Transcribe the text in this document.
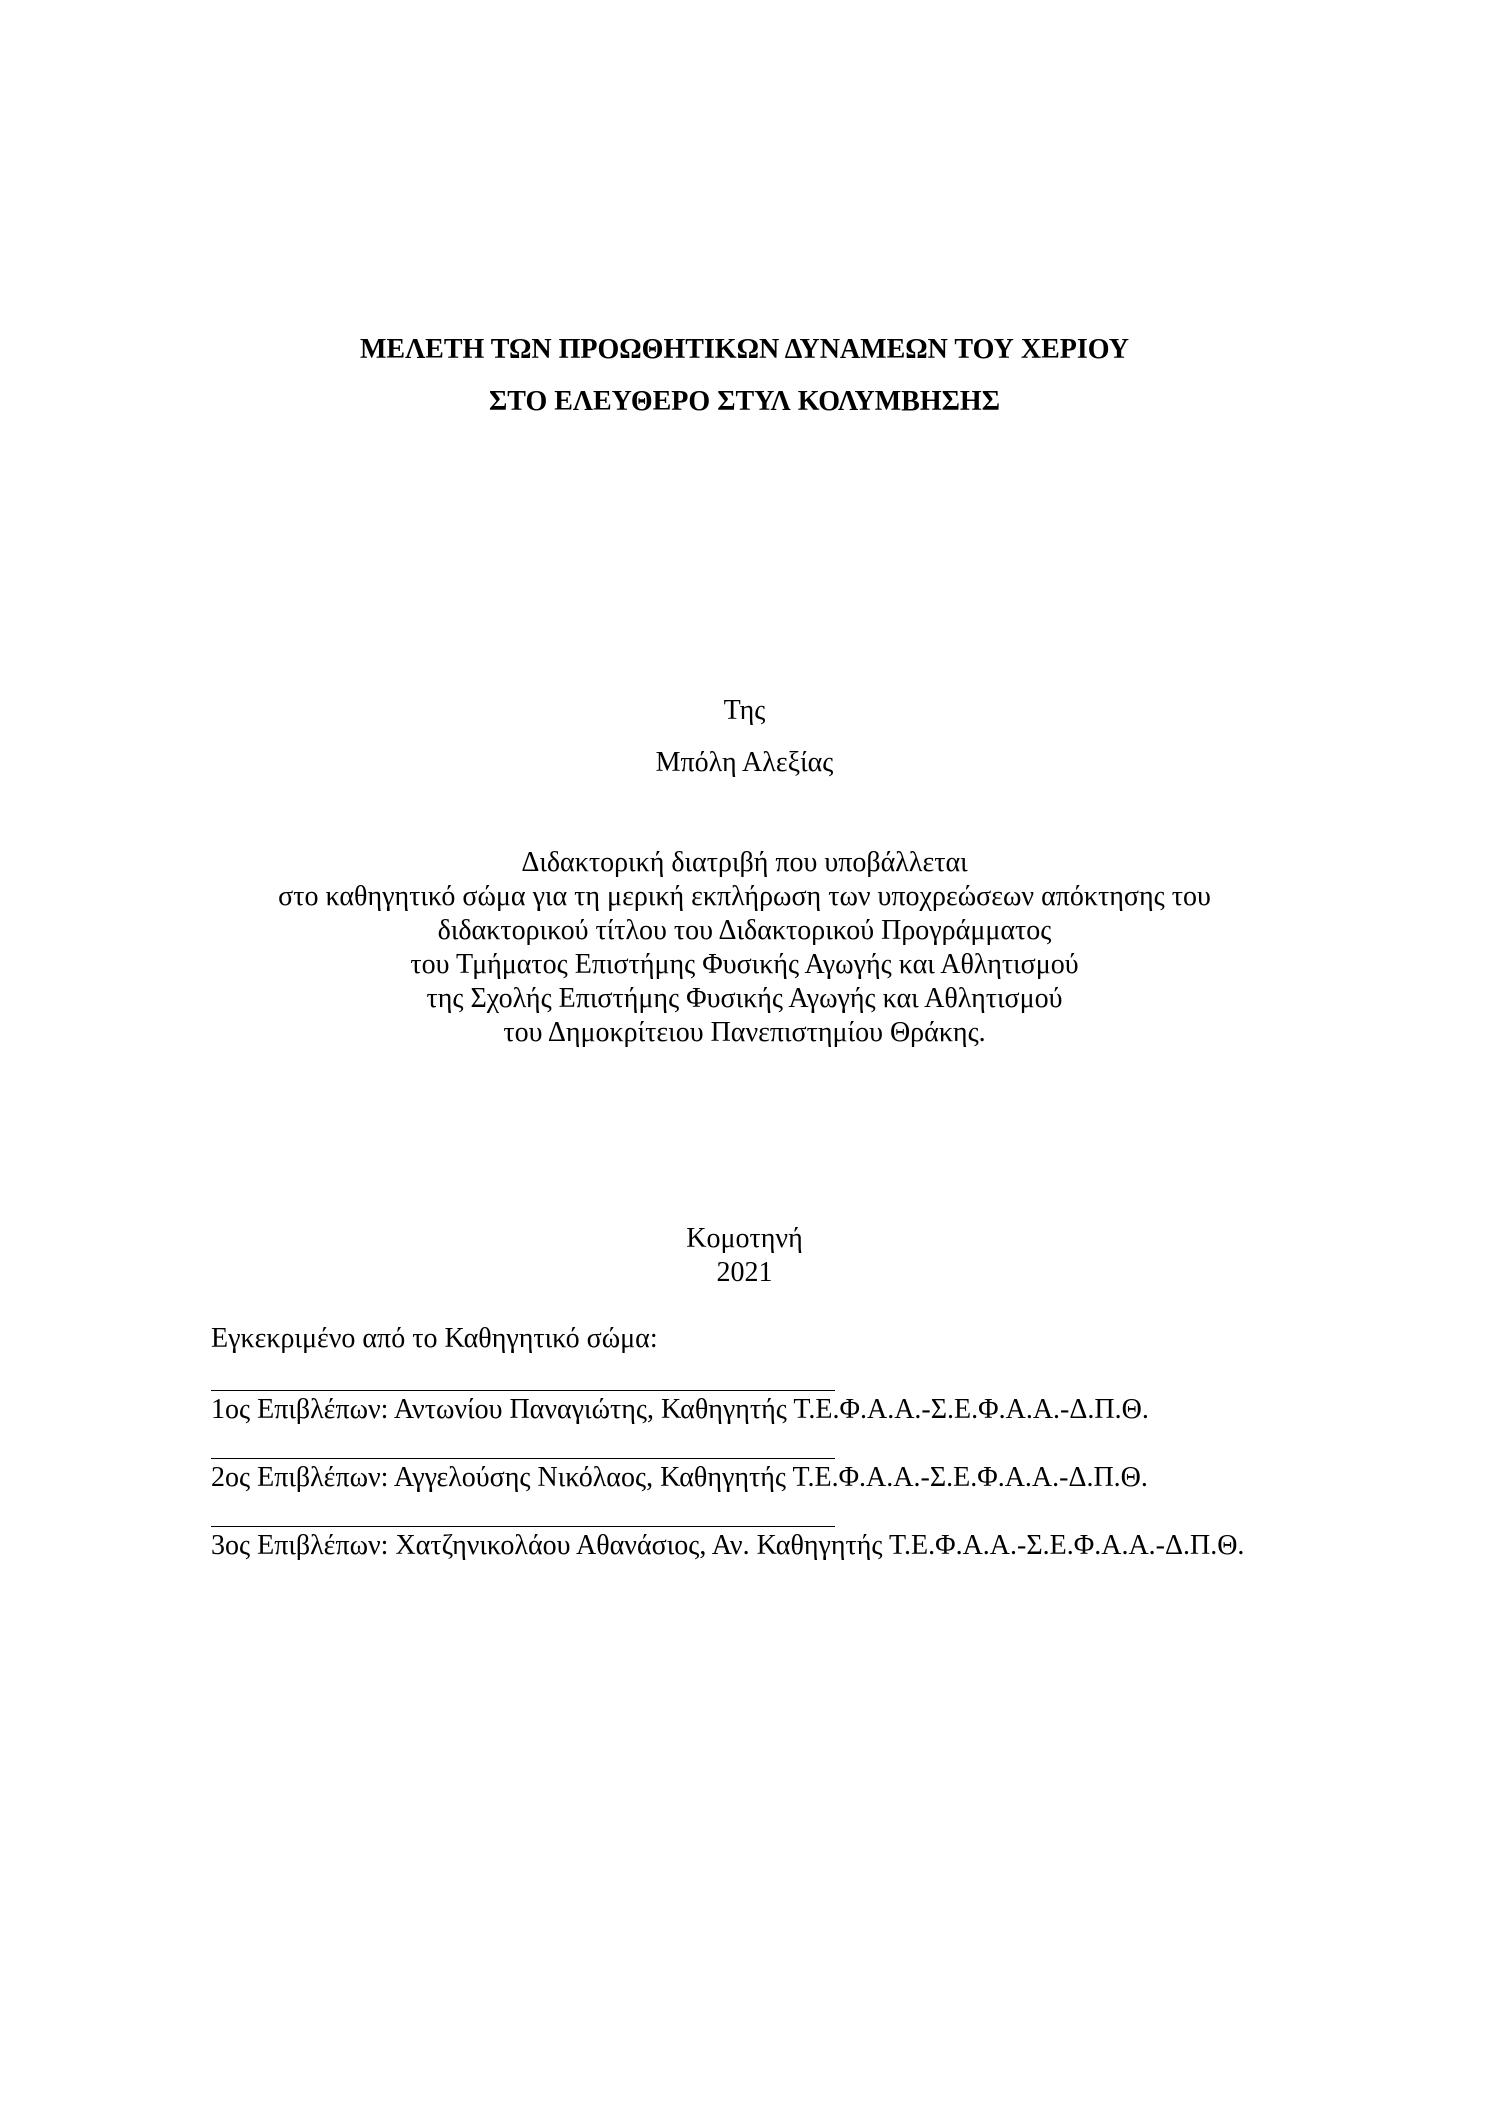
ΜΕΛΕΤΗ ΤΩΝ ΠΡΟΩΘΗΤΙΚΩΝ ΔΥΝΑΜΕΩΝ ΤΟΥ ΧΕΡΙΟΥ
ΣΤΟ ΕΛΕΥΘΕΡΟ ΣΤΥΛ ΚΟΛΥΜΒΗΣΗΣ
Της
Μπόλη Αλεξίας
Διδακτορική διατριβή που υποβάλλεται
στο καθηγητικό σώμα για τη μερική εκπλήρωση των υποχρεώσεων απόκτησης του
διδακτορικού τίτλου του Διδακτορικού Προγράμματος
του Τμήματος Επιστήμης Φυσικής Αγωγής και Αθλητισμού
της Σχολής Επιστήμης Φυσικής Αγωγής και Αθλητισμού
του Δημοκρίτειου Πανεπιστημίου Θράκης.
Κομοτηνή
2021
Εγκεκριμένο από το Καθηγητικό σώμα:
1ος Επιβλέπων: Αντωνίου Παναγιώτης, Καθηγητής Τ.Ε.Φ.Α.Α.-Σ.Ε.Φ.Α.Α.-Δ.Π.Θ.
2ος Επιβλέπων: Αγγελούσης Νικόλαος, Καθηγητής Τ.Ε.Φ.Α.Α.-Σ.Ε.Φ.Α.Α.-Δ.Π.Θ.
3ος Επιβλέπων: Χατζηνικολάου Αθανάσιος, Αν. Καθηγητής Τ.Ε.Φ.Α.Α.-Σ.Ε.Φ.Α.Α.-Δ.Π.Θ.
